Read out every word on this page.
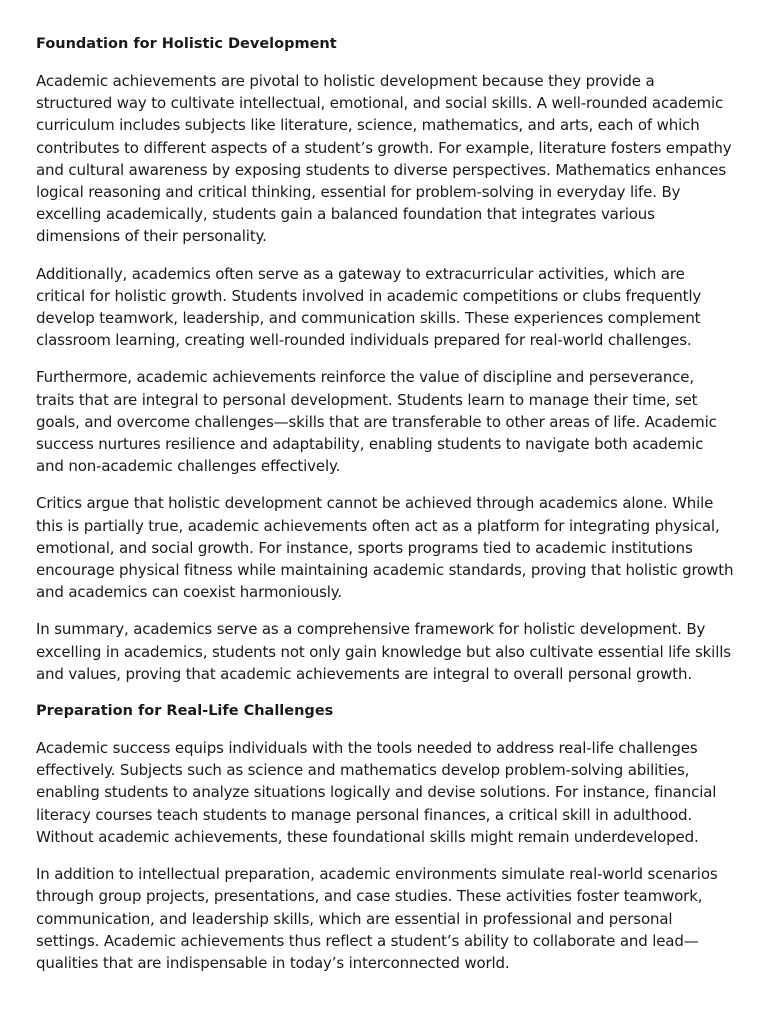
Foundation for Holistic Development

Academic achievements are pivotal to holistic development because they provide a structured way to cultivate intellectual, emotional, and social skills. A well-rounded academic curriculum includes subjects like literature, science, mathematics, and arts, each of which contributes to different aspects of a student’s growth. For example, literature fosters empathy and cultural awareness by exposing students to diverse perspectives. Mathematics enhances logical reasoning and critical thinking, essential for problem-solving in everyday life. By excelling academically, students gain a balanced foundation that integrates various dimensions of their personality.

Additionally, academics often serve as a gateway to extracurricular activities, which are critical for holistic growth. Students involved in academic competitions or clubs frequently develop teamwork, leadership, and communication skills. These experiences complement classroom learning, creating well-rounded individuals prepared for real-world challenges.

Furthermore, academic achievements reinforce the value of discipline and perseverance, traits that are integral to personal development. Students learn to manage their time, set goals, and overcome challenges—skills that are transferable to other areas of life. Academic success nurtures resilience and adaptability, enabling students to navigate both academic and non-academic challenges effectively.

Critics argue that holistic development cannot be achieved through academics alone. While this is partially true, academic achievements often act as a platform for integrating physical, emotional, and social growth. For instance, sports programs tied to academic institutions encourage physical fitness while maintaining academic standards, proving that holistic growth and academics can coexist harmoniously.

In summary, academics serve as a comprehensive framework for holistic development. By excelling in academics, students not only gain knowledge but also cultivate essential life skills and values, proving that academic achievements are integral to overall personal growth.

Preparation for Real-Life Challenges

Academic success equips individuals with the tools needed to address real-life challenges effectively. Subjects such as science and mathematics develop problem-solving abilities, enabling students to analyze situations logically and devise solutions. For instance, financial literacy courses teach students to manage personal finances, a critical skill in adulthood. Without academic achievements, these foundational skills might remain underdeveloped.

In addition to intellectual preparation, academic environments simulate real-world scenarios through group projects, presentations, and case studies. These activities foster teamwork, communication, and leadership skills, which are essential in professional and personal settings. Academic achievements thus reflect a student’s ability to collaborate and lead—qualities that are indispensable in today’s interconnected world.
